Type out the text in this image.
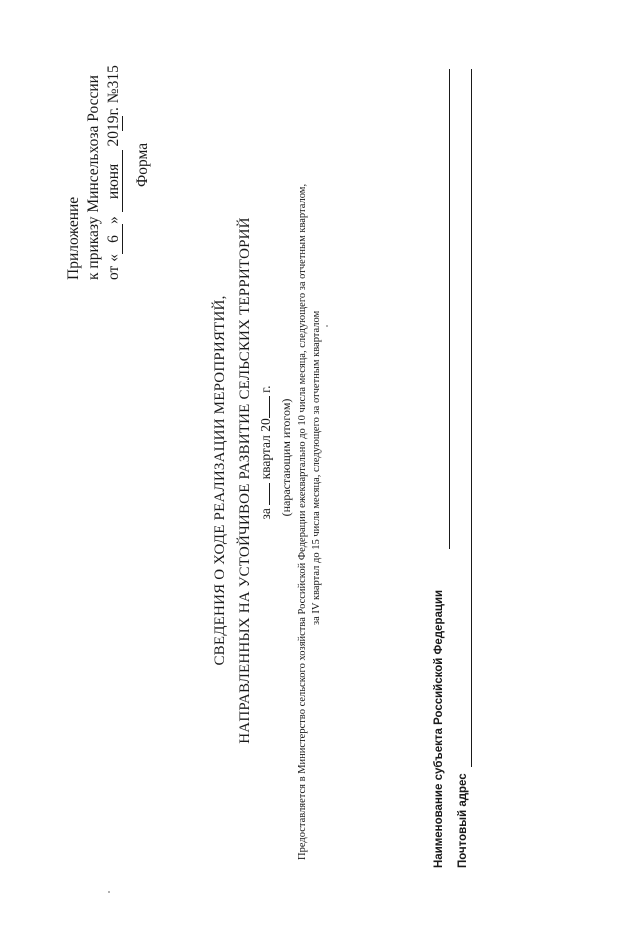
Приложение к приказу Минсельхоза России от «6» июня 2019г. №315
Форма
СВЕДЕНИЯ О ХОДЕ РЕАЛИЗАЦИИ МЕРОПРИЯТИЙ, НАПРАВЛЕННЫХ НА УСТОЙЧИВОЕ РАЗВИТИЕ СЕЛЬСКИХ ТЕРРИТОРИЙ за  квартал 20 г.
(нарастающим итогом) Предоставляется в Министерство сельского хозяйства Российской Федерации ежеквартально до 10 числа месяца, следующего за отчетным кварталом, за IV квартал до 15 числа месяца, следующего за отчетным кварталом
Наименование субъекта Российской Федерации Почтовый адрес
